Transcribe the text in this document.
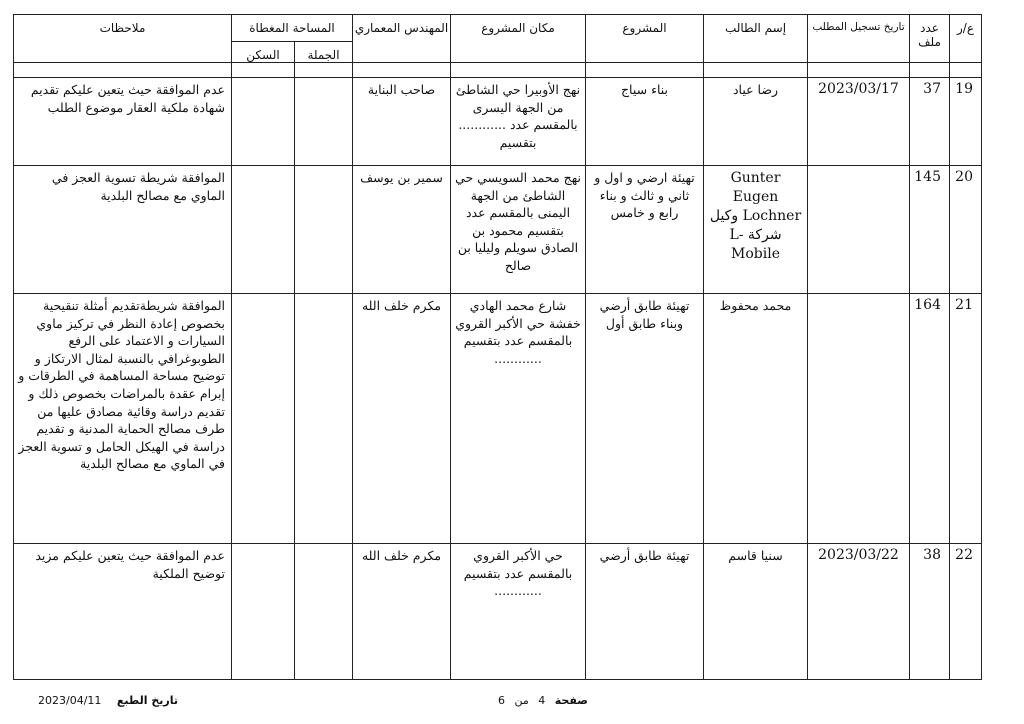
ع/ر	عدد ملف	تاريخ تسجيل المطلب	إسم الطالب	المشروع	مكان المشروع	المهندس المعماري	المساحة المغطاة		ملاحظات
							الجملة	السكن	

19	37	2023/03/17	رضا عياد	بناء سياج	نهج الأوبيرا حي الشاطئ من الجهة اليسرى بالمقسم عدد ............ بتقسيم	صاحب البناية			عدم الموافقة حيث يتعين عليكم تقديم شهادة ملكية العقار موضوع الطلب

20	145		Gunter Eugen Lochner وكيل شركة L-Mobile	تهيئة ارضي و اول و ثاني و ثالث و بناء رابع و خامس	نهج محمد السويسي حي الشاطئ من الجهة اليمنى بالمقسم عدد بتقسيم محمود بن الصادق سويلم وليليا بن صالح	سمير بن يوسف			الموافقة شريطة تسوية العجز في الماوي مع مصالح البلدية

21	164		محمد محفوظ	تهيئة طابق أرضي وبناء طابق أول	شارع محمد الهادي خفشة حي الأكبر القروي بالمقسم عدد بتقسيم ............	مكرم خلف الله			الموافقة شريطةتقديم أمثلة تنقيحية بخصوص إعادة النظر في تركيز ماوي السيارات و الاعتماد على الرفع الطوبوغرافي بالنسبة لمثال الارتكاز و توضيح مساحة المساهمة في الطرقات و إبرام عقدة بالمراضات بخصوص ذلك و تقديم دراسة وقائية مصادق عليها من طرف مصالح الحماية المدنية و تقديم دراسة في الهيكل الحامل و تسوية العجز في الماوي مع مصالح البلدية

22	38	2023/03/22	سنيا قاسم	تهيئة طابق أرضي	حي الأكبر القروي بالمقسم عدد بتقسيم ............	مكرم خلف الله			عدم الموافقة حيث يتعين عليكم مزيد توضيح الملكية
صفحة 4 من 6
2023/04/11 تاريخ الطبع
